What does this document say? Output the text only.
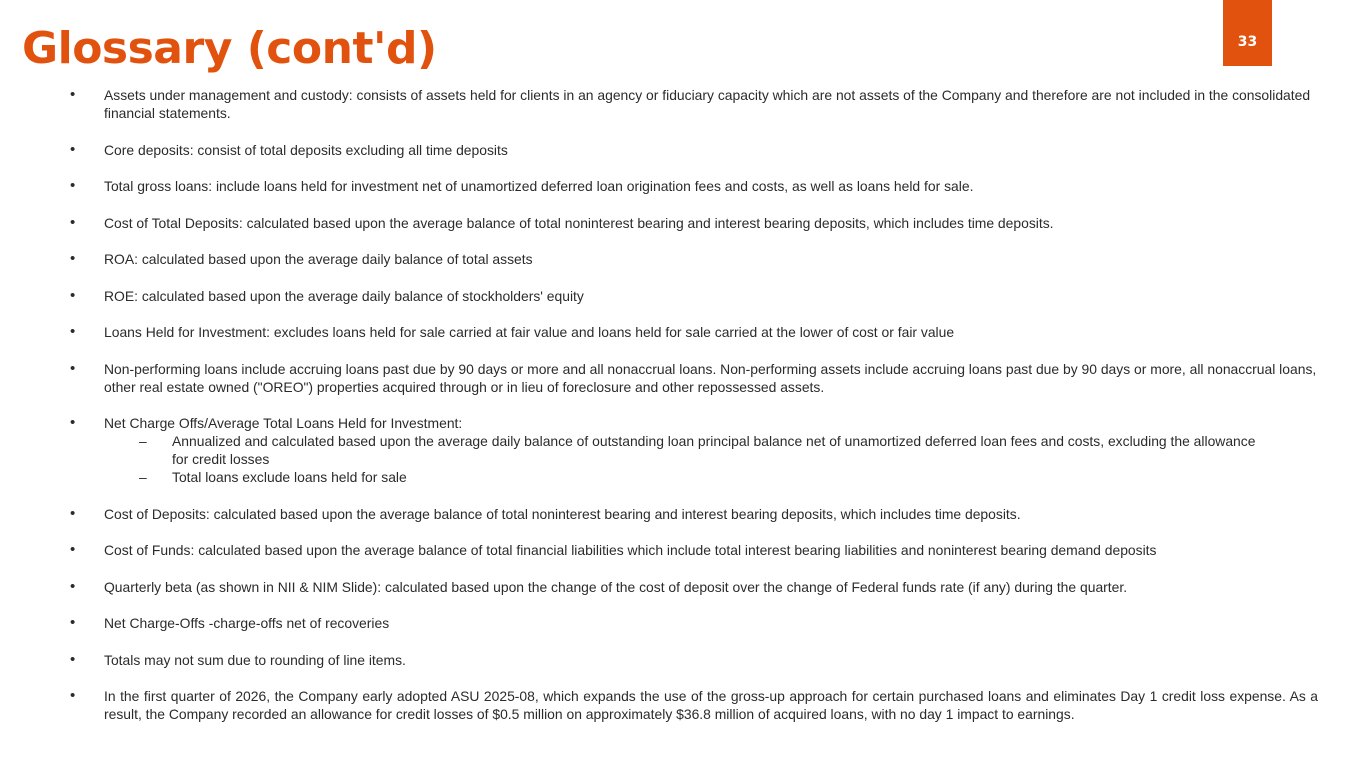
Glossary (cont'd)	33
• Assets under management and custody: consists of assets held for clients in an agency or fiduciary capacity which are not assets of the Company and therefore are not included in the consolidated financial statements.
• Core deposits: consist of total deposits excluding all time deposits
• Total gross loans: include loans held for investment net of unamortized deferred loan origination fees and costs, as well as loans held for sale.
• Cost of Total Deposits: calculated based upon the average balance of total noninterest bearing and interest bearing deposits, which includes time deposits.
• ROA: calculated based upon the average daily balance of total assets
• ROE: calculated based upon the average daily balance of stockholders' equity
• Loans Held for Investment: excludes loans held for sale carried at fair value and loans held for sale carried at the lower of cost or fair value
• Non-performing loans include accruing loans past due by 90 days or more and all nonaccrual loans. Non-performing assets include accruing loans past due by 90 days or more, all nonaccrual loans, other real estate owned ("OREO") properties acquired through or in lieu of foreclosure and other repossessed assets.
• Net Charge Offs/Average Total Loans Held for Investment:
– Annualized and calculated based upon the average daily balance of outstanding loan principal balance net of unamortized deferred loan fees and costs, excluding the allowance for credit losses
– Total loans exclude loans held for sale
• Cost of Deposits: calculated based upon the average balance of total noninterest bearing and interest bearing deposits, which includes time deposits.
• Cost of Funds: calculated based upon the average balance of total financial liabilities which include total interest bearing liabilities and noninterest bearing demand deposits
• Quarterly beta (as shown in NII & NIM Slide): calculated based upon the change of the cost of deposit over the change of Federal funds rate (if any) during the quarter.
• Net Charge-Offs -charge-offs net of recoveries
• Totals may not sum due to rounding of line items.
• In the first quarter of 2026, the Company early adopted ASU 2025-08, which expands the use of the gross-up approach for certain purchased loans and eliminates Day 1 credit loss expense. As a result, the Company recorded an allowance for credit losses of $0.5 million on approximately $36.8 million of acquired loans, with no day 1 impact to earnings.
